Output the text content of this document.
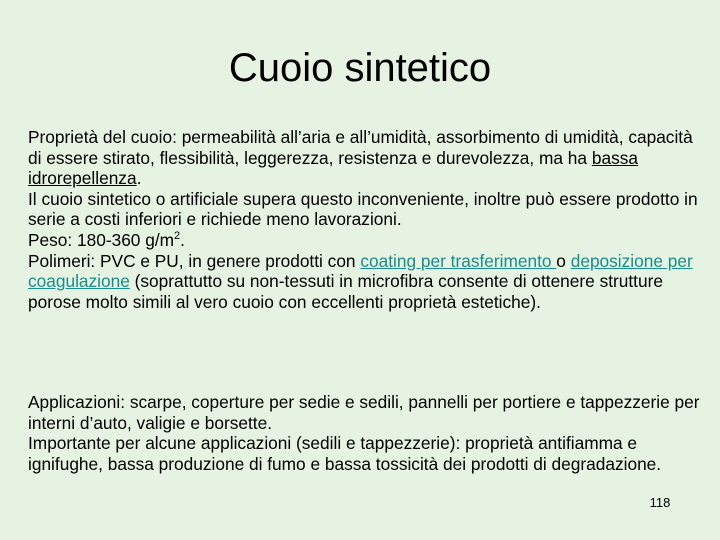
Cuoio sintetico

Proprietà del cuoio: permeabilità all’aria e all’umidità, assorbimento di umidità, capacità di essere stirato, flessibilità, leggerezza, resistenza e durevolezza, ma ha bassa idrorepellenza.

Il cuoio sintetico o artificiale supera questo inconveniente, inoltre può essere prodotto in serie a costi inferiori e richiede meno lavorazioni.

Peso: 180-360 $g/m^2$.

Polimeri: PVC e PU, in genere prodotti con coating per trasferimento o deposizione per coagulazione (soprattutto su non-tessuti in microfibra consente di ottenere strutture porose molto simili al vero cuoio con eccellenti proprietà estetiche).

Applicazioni: scarpe, coperture per sedie e sedili, pannelli per portiere e tappezzerie per interni d’auto, valigie e borsette.

Importante per alcune applicazioni (sedili e tappezzerie): proprietà antifiamma e ignifughe, bassa produzione di fumo e bassa tossicità dei prodotti di degradazione.

118
